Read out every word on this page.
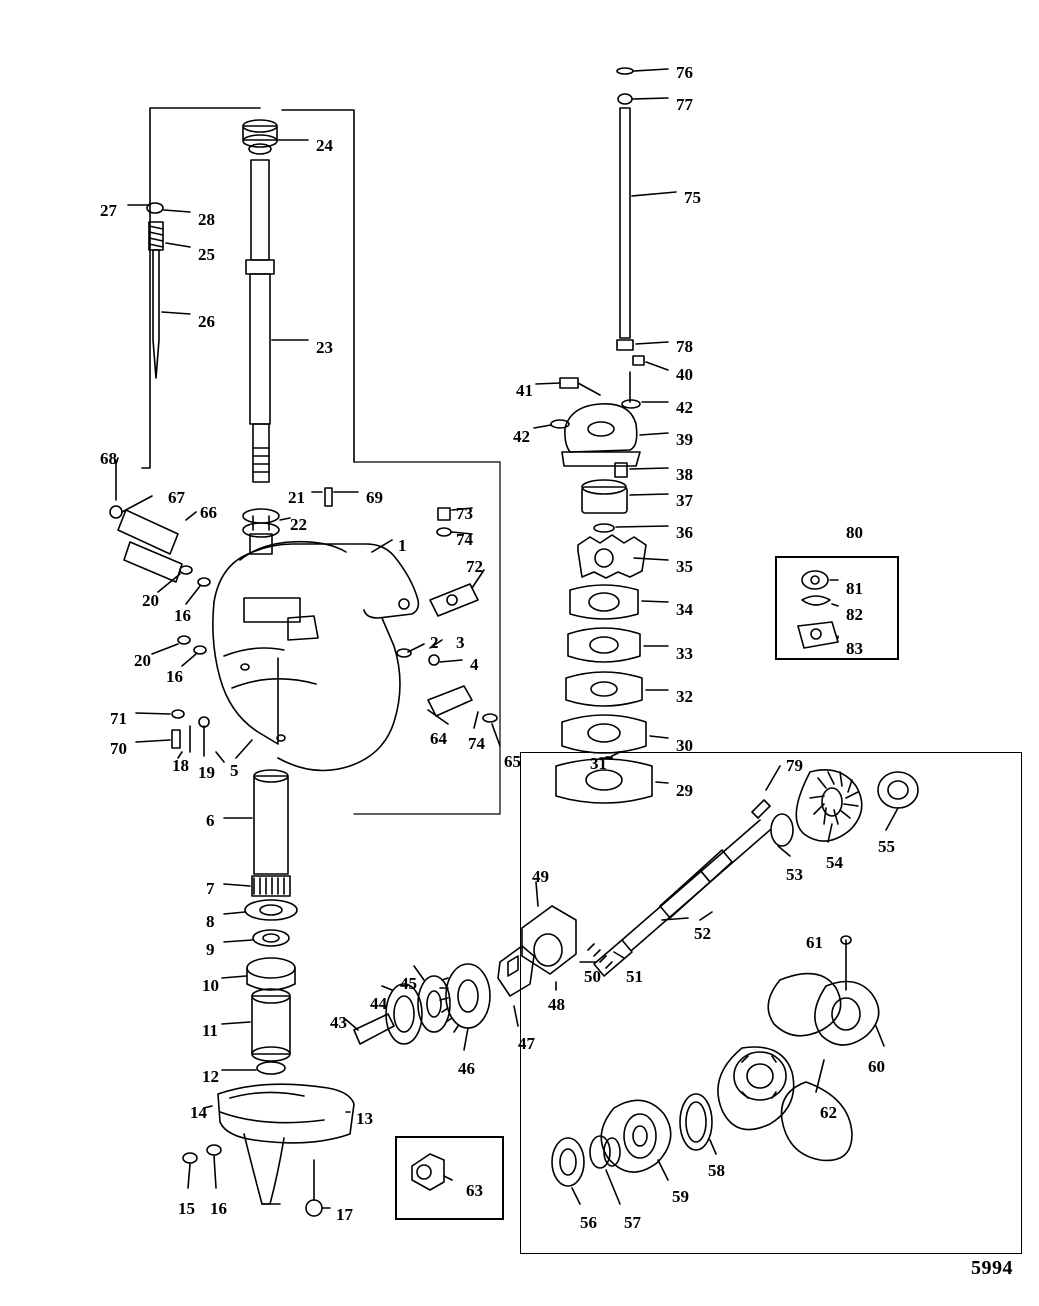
76
77
75
24
27	28
25
26
23	78
40
41
42
42	39
38
37
36
35
34
33
32
30
31
29
68
67
66
21	69
22
73
74
1
72
20
16
20
16
2 3
4
64 74
65
71
70
18 19 5
80
81
82
83
79
55
53
54
6
7
8
9
10
11
12
14	13
15 16	17
63
49
52
51
50
48
47
45
44
43
46
61
60
62
58
59
57
56
5994
